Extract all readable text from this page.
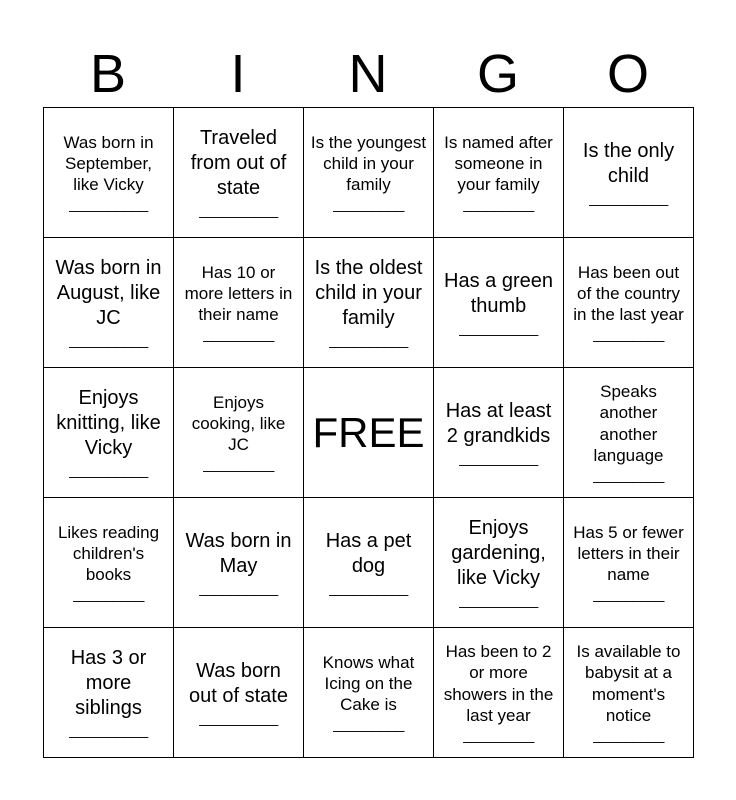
B	I	N	G	O
Was born in September, like Vicky
__________
Traveled from out of state
__________
Is the youngest child in your family
_________
Is named after someone in your family
_________
Is the only child
__________
Was born in August, like JC
__________
Has 10 or more letters in their name
_________
Is the oldest child in your family
__________
Has a green thumb
__________
Has been out of the country in the last year
_________
Enjoys knitting, like Vicky
__________
Enjoys cooking, like JC
_________
FREE Has at least 2 grandkids
__________
Speaks another another language
_________
Likes reading children's books
_________
Was born in May
__________
Has a pet dog
__________
Enjoys gardening, like Vicky
__________
Has 5 or fewer letters in their name
_________
Has 3 or more siblings
__________
Was born out of state
__________
Knows what Icing on the Cake is
_________
Has been to 2 or more showers in the last year
_________
Is available to babysit at a moment's notice
_________
